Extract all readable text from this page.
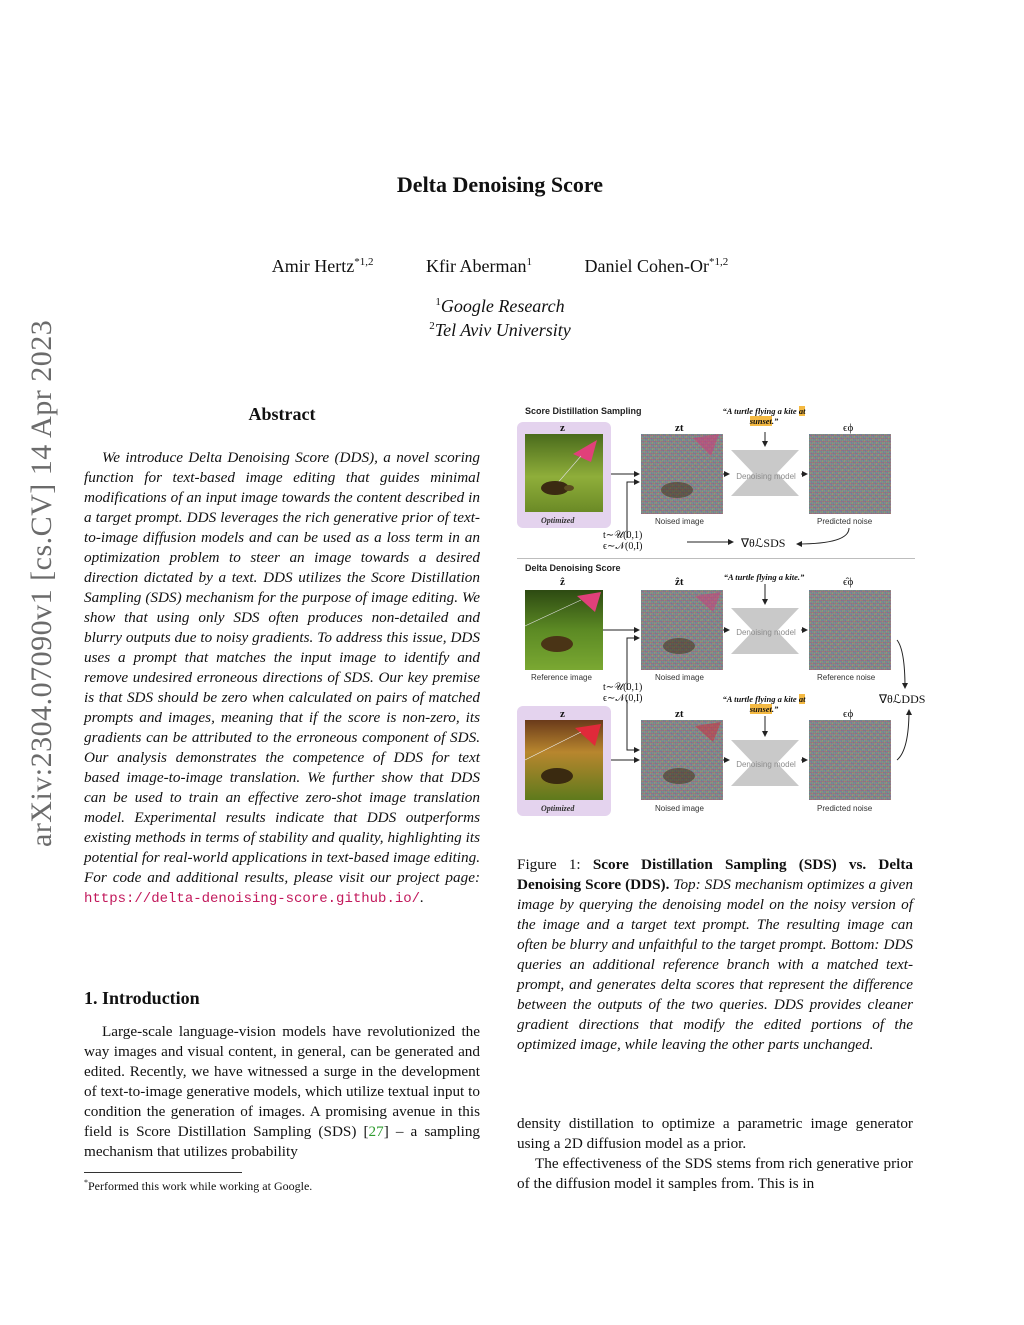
Delta Denoising Score
Amir Hertz$^{*1,2}$	Kfir Aberman$^1$	Daniel Cohen-Or$^{*1,2}$
$^1$Google Research
$^2$Tel Aviv University
arXiv:2304.07090v1 [cs.CV] 14 Apr 2023	Abstract

We introduce Delta Denoising Score (DDS), a novel scoring function for text-based image editing that guides minimal modifications of an input image towards the content described in a target prompt. DDS leverages the rich generative prior of text-to-image diffusion models and can be used as a loss term in an optimization problem to steer an image towards a desired direction dictated by a text. DDS utilizes the Score Distillation Sampling (SDS) mechanism for the purpose of image editing. We show that using only SDS often produces non-detailed and blurry outputs due to noisy gradients. To address this issue, DDS uses a prompt that matches the input image to identify and remove undesired erroneous directions of SDS. Our key premise is that SDS should be zero when calculated on pairs of matched prompts and images, meaning that if the score is non-zero, its gradients can be attributed to the erroneous component of SDS. Our analysis demonstrates the competence of DDS for text based image-to-image translation. We further show that DDS can be used to train an effective zero-shot image translation model. Experimental results indicate that DDS outperforms existing methods in terms of stability and quality, highlighting its potential for real-world applications in text-based image editing. For code and additional results, please visit our project page: https://delta-denoising-score.github.io/.

1. Introduction

Large-scale language-vision models have revolutionized the way images and visual content, in general, can be generated and edited. Recently, we have witnessed a surge in the development of text-to-image generative models, which utilize textual input to condition the generation of images. A promising avenue in this field is Score Distillation Sampling (SDS) [27] – a sampling mechanism that utilizes probability

*Performed this work while working at Google.
Score Distillation Sampling	“A turtle flying a kite at sunset.”
z
Optimized
zt
Noised image
Denoising model
ϵϕ
Predicted noise
t∼𝒰(0,1)
ϵ∼𝒩(0,I)	∇θℒSDS
Delta Denoising Score
“A turtle flying a kite.”
ẑ
Reference image
ẑt
Noised image
Denoising model
ϵ̂ϕ
Reference noise
t∼𝒰(0,1)
ϵ∼𝒩(0,I)	“A turtle flying a kite at sunset.”
∇θℒDDS
z
Optimized
zt
Noised image
Denoising model
ϵϕ
Predicted noise
Figure 1: Score Distillation Sampling (SDS) vs. Delta Denoising Score (DDS). Top: SDS mechanism optimizes a given image by querying the denoising model on the noisy version of the image and a target text prompt. The resulting image can often be blurry and unfaithful to the target prompt. Bottom: DDS queries an additional reference branch with a matched text-prompt, and generates delta scores that represent the difference between the outputs of the two queries. DDS provides cleaner gradient directions that modify the edited portions of the optimized image, while leaving the other parts unchanged.

density distillation to optimize a parametric image generator using a 2D diffusion model as a prior.

The effectiveness of the SDS stems from rich generative prior of the diffusion model it samples from. This is in
